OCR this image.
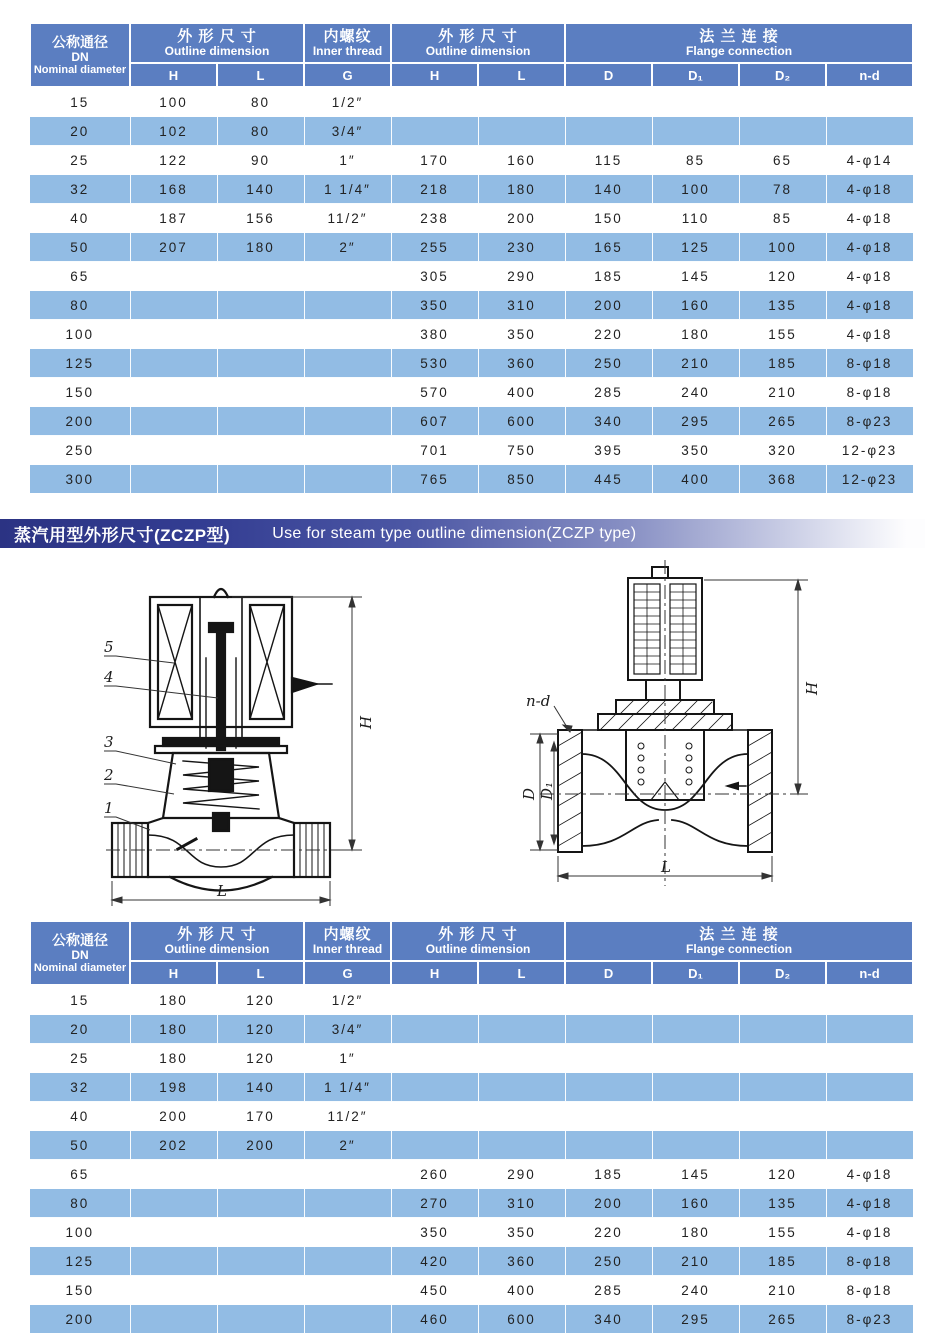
公称通径
DN
Nominal diameter

外 形 尺 寸
Outline dimension

内螺纹
Inner thread

外 形 尺 寸
Outline dimension

法 兰 连 接
Flange connection

	H	L	G	H	L	D	D₁	D₂	n-d
15	100	80	1/2″						
20	102	80	3/4″						
25	122	90	1″	170	160	115	85	65	4-φ14
32	168	140	1 1/4″	218	180	140	100	78	4-φ18
40	187	156	11/2″	238	200	150	110	85	4-φ18
50	207	180	2″	255	230	165	125	100	4-φ18
65				305	290	185	145	120	4-φ18
80				350	310	200	160	135	4-φ18
100				380	350	220	180	155	4-φ18
125				530	360	250	210	185	8-φ18
150				570	400	285	240	210	8-φ18
200				607	600	340	295	265	8-φ23
250				701	750	395	350	320	12-φ23
300				765	850	445	400	368	12-φ23
蒸汽用型外形尺寸(ZCZP型)	Use for steam type outline dimension(ZCZP type)
5
4
3
2
1
H
L
n-d
D D₁
H
L
公称通径
DN
Nominal diameter

外 形 尺 寸
Outline dimension

内螺纹
Inner thread

外 形 尺 寸
Outline dimension

法 兰 连 接
Flange connection

	H	L	G	H	L	D	D₁	D₂	n-d
15	180	120	1/2″						
20	180	120	3/4″						
25	180	120	1″						
32	198	140	1 1/4″						
40	200	170	11/2″						
50	202	200	2″						
65				260	290	185	145	120	4-φ18
80				270	310	200	160	135	4-φ18
100				350	350	220	180	155	4-φ18
125				420	360	250	210	185	8-φ18
150				450	400	285	240	210	8-φ18
200				460	600	340	295	265	8-φ23
